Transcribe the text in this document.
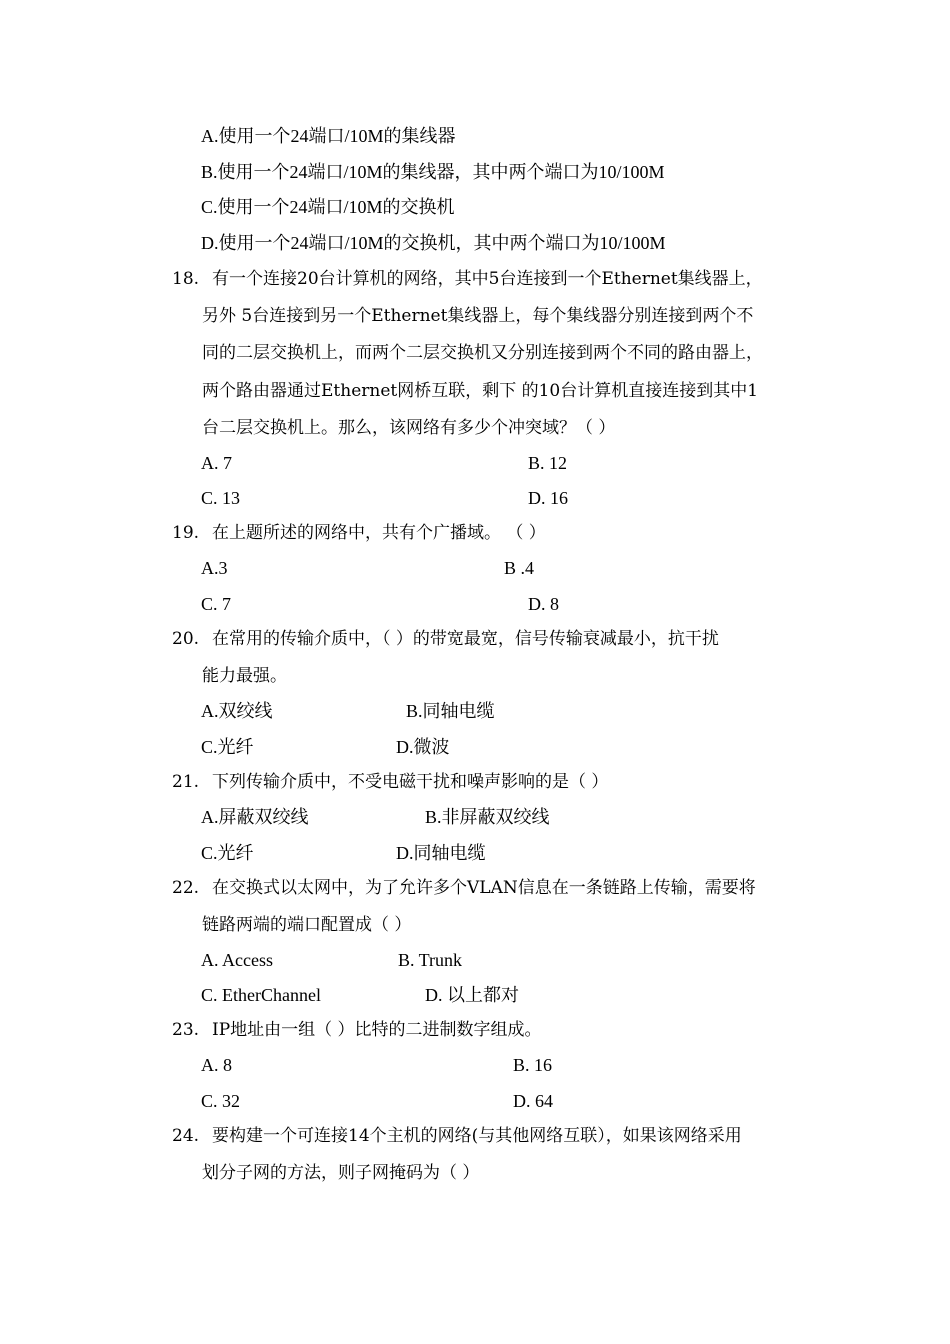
A.使用一个24端口/10M的集线器
B.使用一个24端口/10M的集线器，其中两个端口为10/100M
C.使用一个24端口/10M的交换机
D.使用一个24端口/10M的交换机，其中两个端口为10/100M
18. 有一个连接20台计算机的网络，其中5台连接到一个Ethernet集线器上，
另外 5台连接到另一个Ethernet集线器上，每个集线器分别连接到两个不
同的二层交换机上，而两个二层交换机又分别连接到两个不同的路由器上，
两个路由器通过Ethernet网桥互联，剩下 的10台计算机直接连接到其中1
台二层交换机上。那么，该网络有多少个冲突域？（ ）
A. 7	B. 12
C. 13	D. 16
19. 在上题所述的网络中，共有个广播域。 （ ）
A.3	B .4
C. 7	D. 8
20. 在常用的传输介质中，（ ）的带宽最宽，信号传输衰减最小，抗干扰
能力最强。
A.双绞线	B.同轴电缆
C.光纤	D.微波
21. 下列传输介质中，不受电磁干扰和噪声影响的是（ ）
A.屏蔽双绞线	B.非屏蔽双绞线
C.光纤	D.同轴电缆
22. 在交换式以太网中，为了允许多个VLAN信息在一条链路上传输，需要将
链路两端的端口配置成（ ）
A. Access	B. Trunk
C. EtherChannel	D. 以上都对
23. IP地址由一组（ ）比特的二进制数字组成。
A. 8	B. 16
C. 32	D. 64
24. 要构建一个可连接14个主机的网络(与其他网络互联），如果该网络采用
划分子网的方法，则子网掩码为（ ）
